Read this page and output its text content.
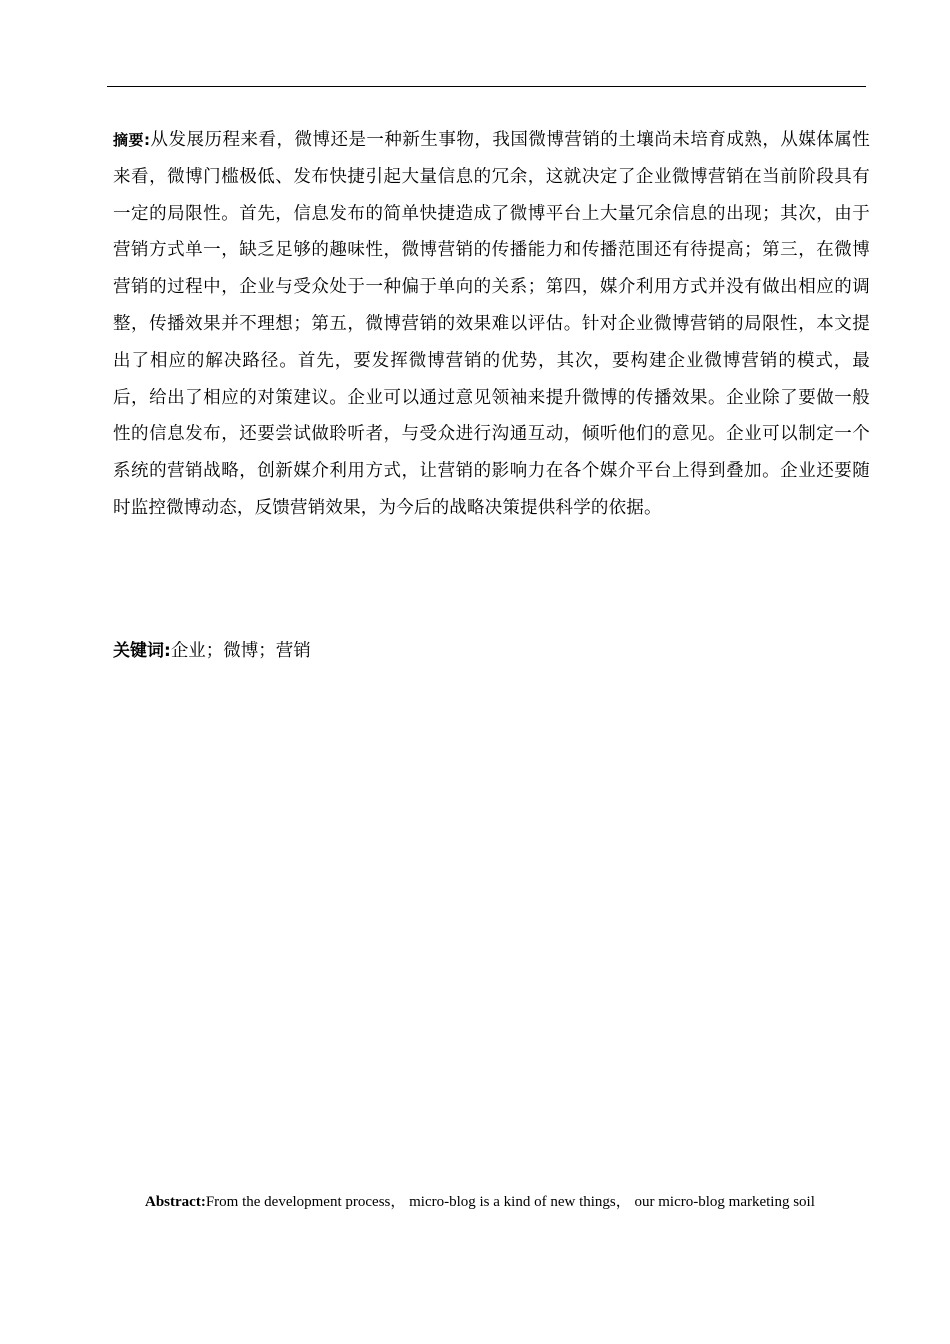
摘要:从发展历程来看，微博还是一种新生事物，我国微博营销的土壤尚未培育成熟，从媒体属性来看，微博门槛极低、发布快捷引起大量信息的冗余，这就决定了企业微博营销在当前阶段具有一定的局限性。首先，信息发布的简单快捷造成了微博平台上大量冗余信息的出现；其次，由于营销方式单一，缺乏足够的趣味性，微博营销的传播能力和传播范围还有待提高；第三，在微博营销的过程中，企业与受众处于一种偏于单向的关系；第四，媒介利用方式并没有做出相应的调整，传播效果并不理想；第五，微博营销的效果难以评估。针对企业微博营销的局限性，本文提出了相应的解决路径。首先，要发挥微博营销的优势，其次，要构建企业微博营销的模式，最后，给出了相应的对策建议。企业可以通过意见领袖来提升微博的传播效果。企业除了要做一般性的信息发布，还要尝试做聆听者，与受众进行沟通互动，倾听他们的意见。企业可以制定一个系统的营销战略，创新媒介利用方式，让营销的影响力在各个媒介平台上得到叠加。企业还要随时监控微博动态，反馈营销效果，为今后的战略决策提供科学的依据。

关键词:企业；微博；营销

Abstract:From the development process， micro-blog is a kind of new things， our micro-blog marketing soil
